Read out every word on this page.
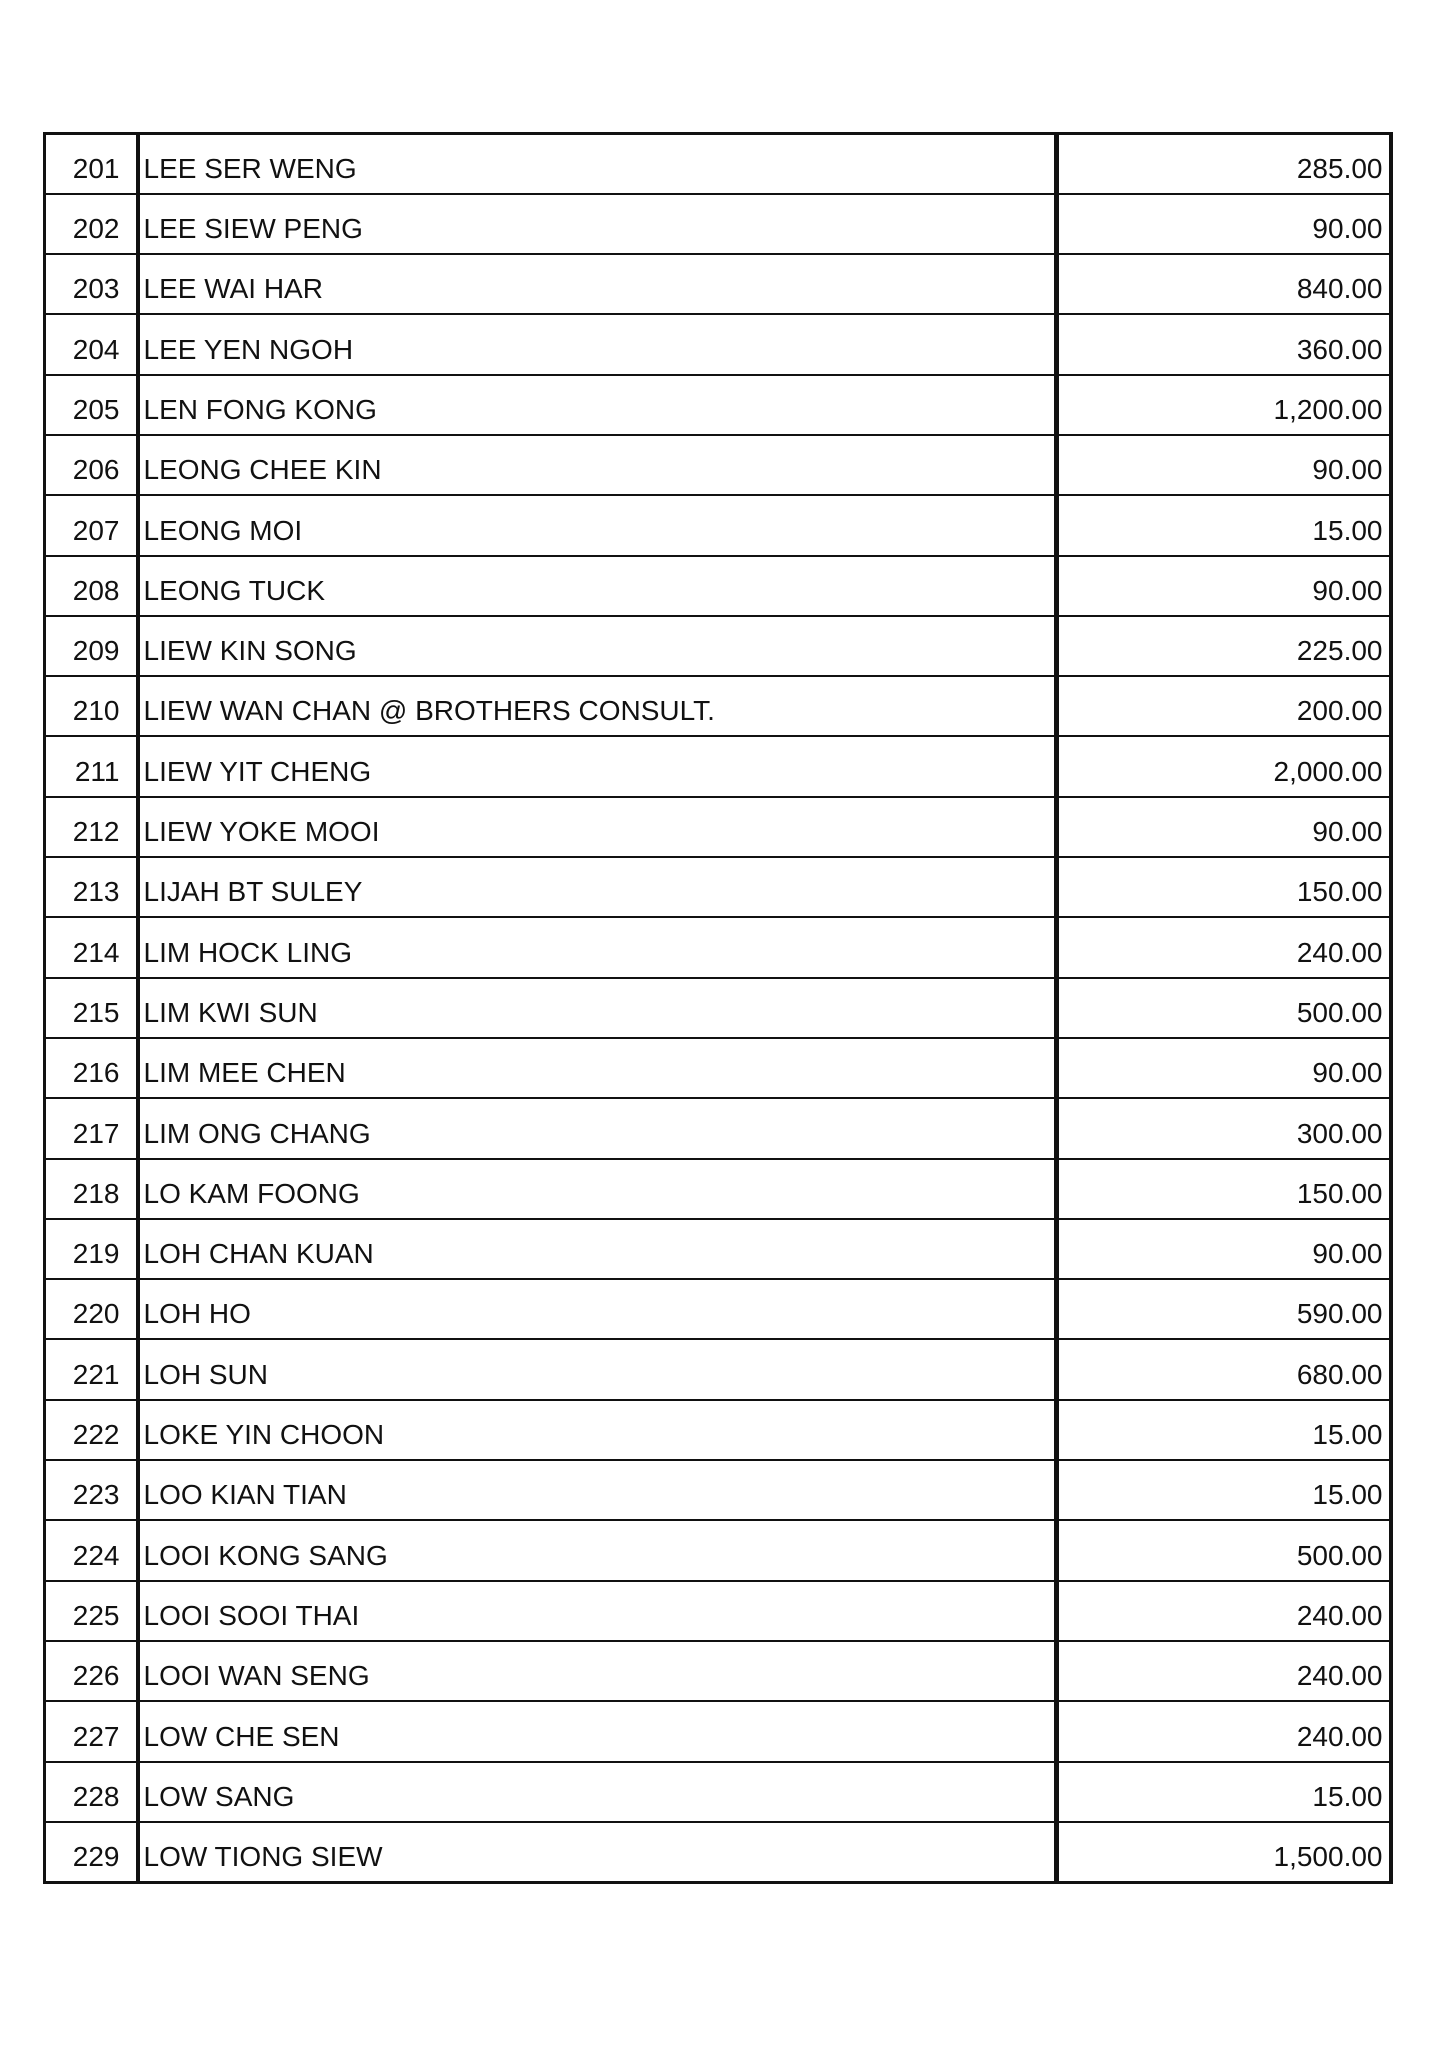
201	LEE SER WENG	285.00
202	LEE SIEW PENG	90.00
203	LEE WAI HAR	840.00
204	LEE YEN NGOH	360.00
205	LEN FONG KONG	1,200.00
206	LEONG CHEE KIN	90.00
207	LEONG MOI	15.00
208	LEONG TUCK	90.00
209	LIEW KIN SONG	225.00
210	LIEW WAN CHAN @ BROTHERS CONSULT.	200.00
211	LIEW YIT CHENG	2,000.00
212	LIEW YOKE MOOI	90.00
213	LIJAH BT SULEY	150.00
214	LIM HOCK LING	240.00
215	LIM KWI SUN	500.00
216	LIM MEE CHEN	90.00
217	LIM ONG CHANG	300.00
218	LO KAM FOONG	150.00
219	LOH CHAN KUAN	90.00
220	LOH HO	590.00
221	LOH SUN	680.00
222	LOKE YIN CHOON	15.00
223	LOO KIAN TIAN	15.00
224	LOOI KONG SANG	500.00
225	LOOI SOOI THAI	240.00
226	LOOI WAN SENG	240.00
227	LOW CHE SEN	240.00
228	LOW SANG	15.00
229	LOW TIONG SIEW	1,500.00
